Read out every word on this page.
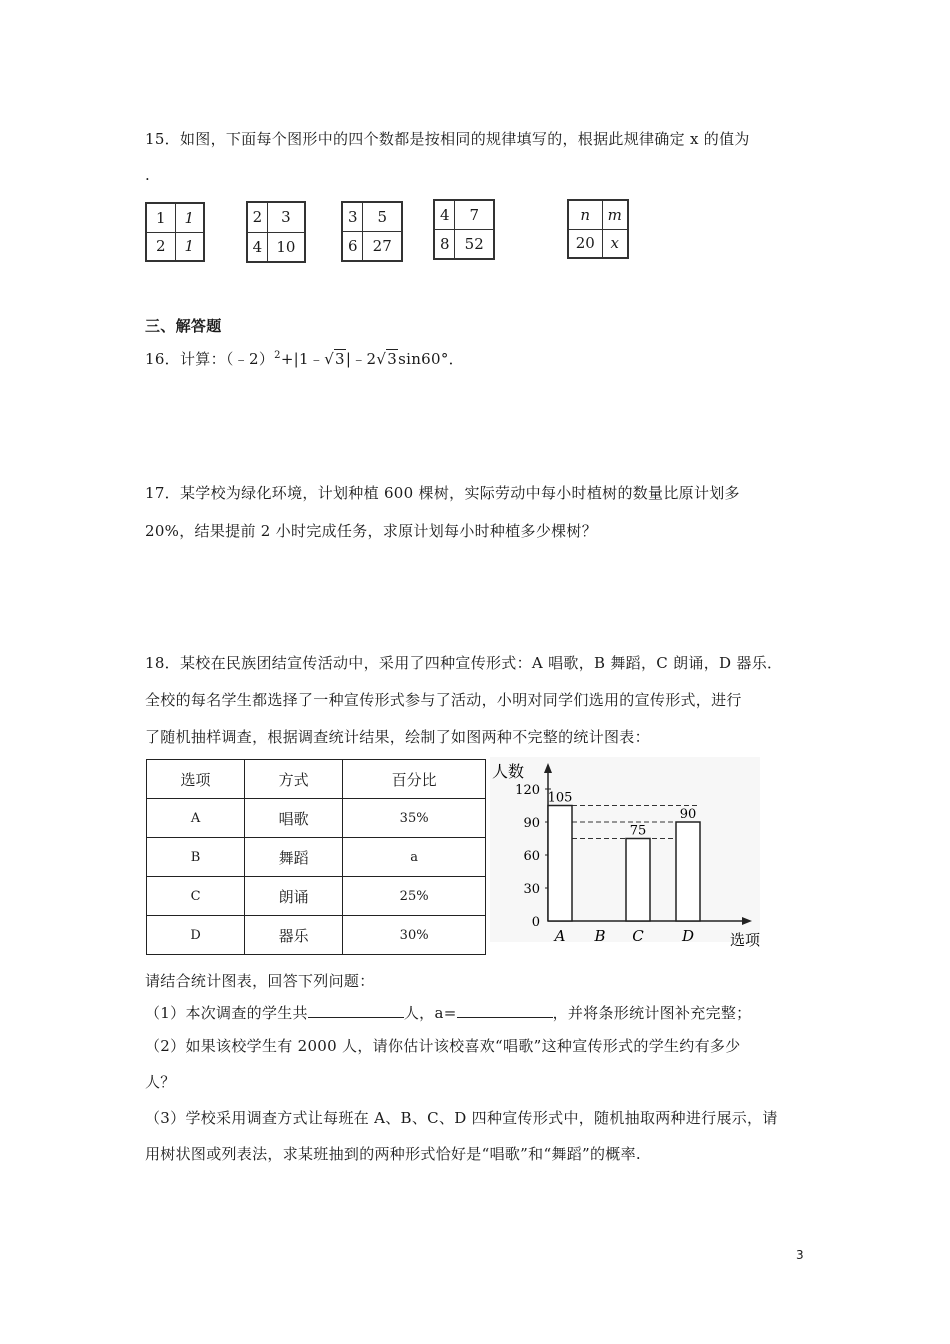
15．如图，下面每个图形中的四个数都是按相同的规律填写的，根据此规律确定 x 的值为
.
1	1
2	1
2	3
4	10
3	5
6	27
4	7
8	52
n	m
20	x
三、解答题
16．计算：（﹣2）$^2$+|1﹣√3|﹣2√3sin60°．
17．某学校为绿化环境，计划种植 600 棵树，实际劳动中每小时植树的数量比原计划多
20%，结果提前 2 小时完成任务，求原计划每小时种植多少棵树？
18．某校在民族团结宣传活动中，采用了四种宣传形式：A 唱歌，B 舞蹈，C 朗诵，D 器乐．
全校的每名学生都选择了一种宣传形式参与了活动，小明对同学们选用的宣传形式，进行
了随机抽样调查，根据调查统计结果，绘制了如图两种不完整的统计图表：
选项	方式	百分比
A	唱歌	35%
B	舞蹈	a
C	朗诵	25%
D	器乐	30%
人数
选项
0
30
60
90
120 105
A B
75
C
90
D
请结合统计图表，回答下列问题：
（1）本次调查的学生共	人，a=	，并将条形统计图补充完整；
（2）如果该校学生有 2000 人，请你估计该校喜欢“唱歌”这种宣传形式的学生约有多少
人？
（3）学校采用调查方式让每班在 A、B、C、D 四种宣传形式中，随机抽取两种进行展示，请
用树状图或列表法，求某班抽到的两种形式恰好是“唱歌”和“舞蹈”的概率.
3
